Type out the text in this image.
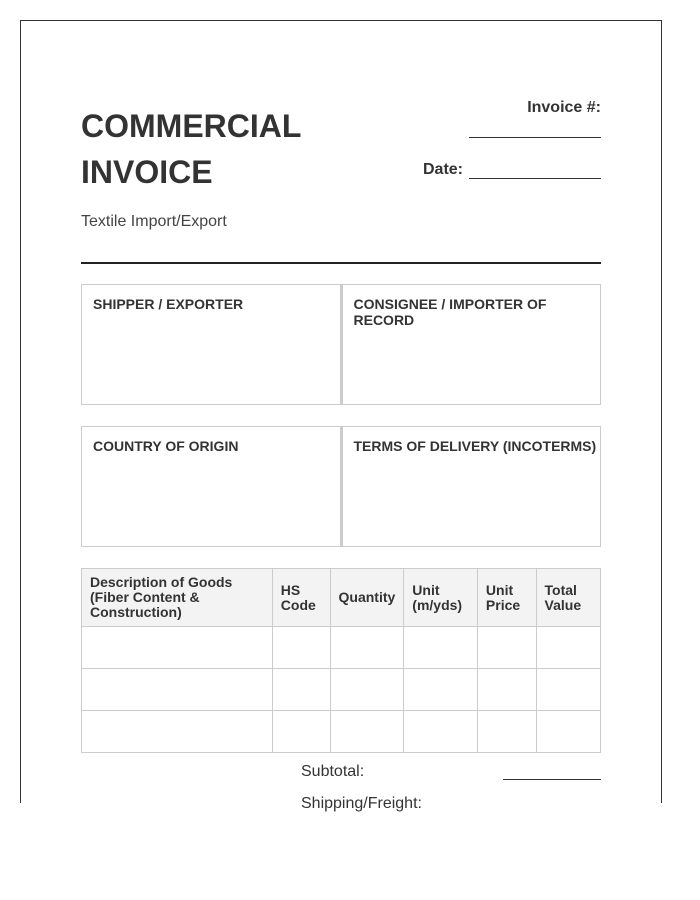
COMMERCIAL
INVOICE
Textile Import/Export
Invoice #:
Date:
SHIPPER / EXPORTER	CONSIGNEE / IMPORTER OF RECORD
COUNTRY OF ORIGIN	TERMS OF DELIVERY (INCOTERMS)
Description of Goods (Fiber Content & Construction)	HS Code	Quantity	Unit (m/yds)	Unit Price	Total Value

Subtotal:
Shipping/Freight:
